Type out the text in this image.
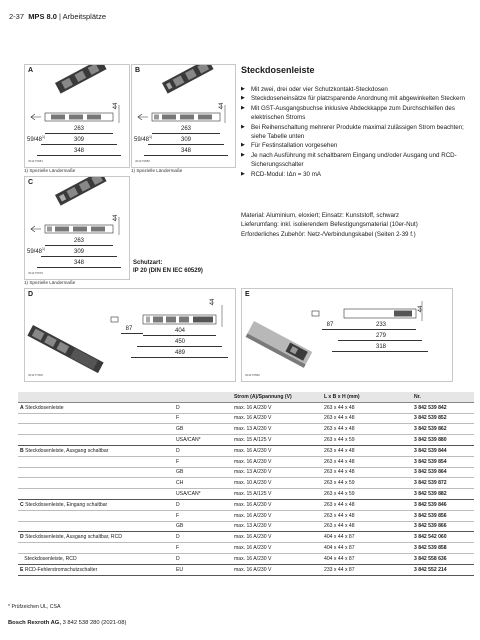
2-37 MPS 8.0 | Arbeitsplätze
A
44
263
309
348
59/48$^{1)}$
3011T3581
1) Spezielle Ländermaße
B
44
263
309
348
59/48$^{1)}$
3011T3580
1) Spezielle Ländermaße
C
44
263
309
348
59/48$^{1)}$
3011T3579
1) Spezielle Ländermaße
Schutzart:
IP 20 (DIN EN IEC 60529)
Steckdosenleiste
▶ Mit zwei, drei oder vier Schutzkontakt-Steckdosen
▶ Steckdoseneinsätze für platzsparende Anordnung mit abgewinkelten Steckern
▶ Mit GST-Ausgangsbuchse inklusive Abdeckkappe zum Durchschleifen des elektrischen Stroms
▶ Bei Reihenschaltung mehrerer Produkte maximal zulässigen Strom beachten; siehe Tabelle unten
▶ Für Festinstallation vorgesehen
▶ Je nach Ausführung mit schaltbarem Eingang und/oder Ausgang und RCD-Sicherungsschalter
▶ RCD-Modul: IΔn = 30 mA
Material: Aluminium, eloxiert; Einsatz: Kunststoff, schwarz
Lieferumfang: inkl. isolierendem Befestigungsmaterial (10er-Nut)
Erforderliches Zubehör: Netz-/Verbindungskabel (Seiten 2-39 f.)
D
44
87	404
450
489
3011T7506
E
44
87	233
279
318
3011T3582
		Strom (A)/Spannung (V)	L x B x H (mm)	Nr.
A Steckdosenleiste	D	max. 16 A/230 V	263 x 44 x 48	3 842 539 842
	F	max. 16 A/230 V	263 x 44 x 48	3 842 539 852
	GB	max. 13 A/230 V	263 x 44 x 48	3 842 539 862
	USA/CAN*	max. 15 A/125 V	263 x 44 x 59	3 842 539 880
B Steckdosenleiste, Ausgang schaltbar	D	max. 16 A/230 V	263 x 44 x 48	3 842 539 844
	F	max. 16 A/230 V	263 x 44 x 48	3 842 539 854
	GB	max. 13 A/230 V	263 x 44 x 48	3 842 539 864
	CH	max. 10 A/230 V	263 x 44 x 59	3 842 539 872
	USA/CAN*	max. 15 A/125 V	263 x 44 x 59	3 842 539 882
C Steckdosenleiste, Eingang schaltbar	D	max. 16 A/230 V	263 x 44 x 48	3 842 539 846
	F	max. 16 A/230 V	263 x 44 x 48	3 842 539 856
	GB	max. 13 A/230 V	263 x 44 x 48	3 842 539 866
D Steckdosenleiste, Ausgang schaltbar, RCD	D	max. 16 A/230 V	404 x 44 x 87	3 842 542 060
	F	max. 16 A/230 V	404 x 44 x 87	3 842 539 858
Steckdosenleiste, RCD	D	max. 16 A/230 V	404 x 44 x 87	3 842 558 636
E RCD-Fehlerstromschutzschalter	EU	max. 16 A/230 V	233 x 44 x 87	3 842 552 214
* Prüfzeichen UL, CSA
Bosch Rexroth AG, 3 842 538 280 (2021-08)
